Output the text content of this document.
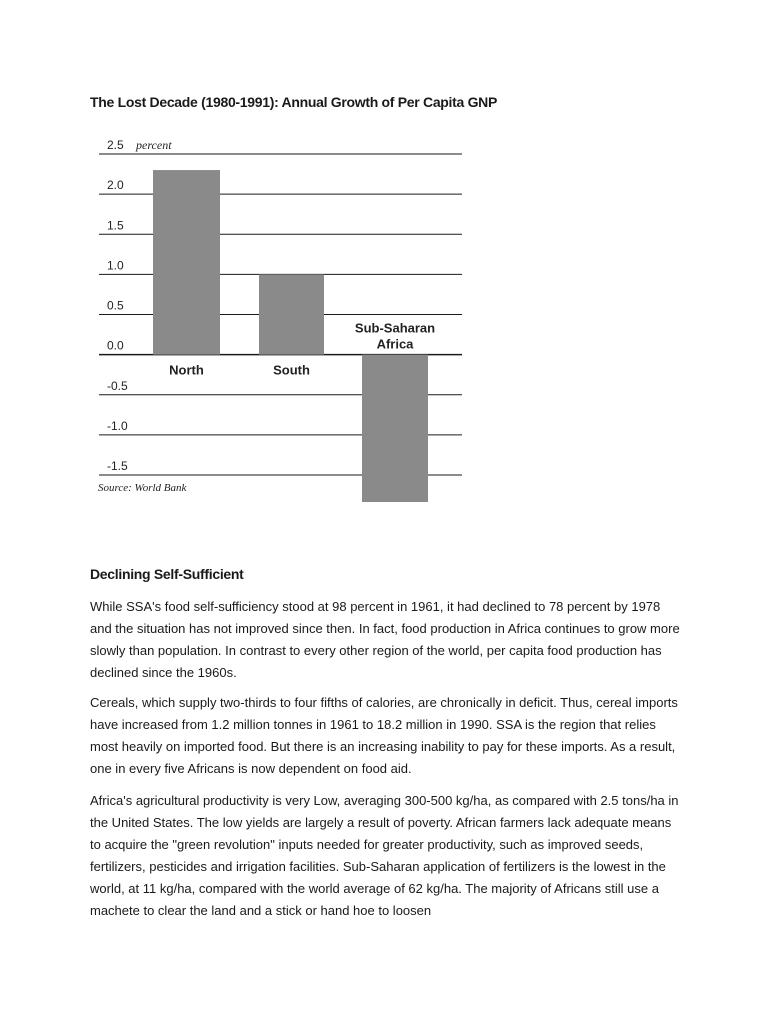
The Lost Decade (1980-1991): Annual Growth of Per Capita GNP
2.5
2.0
1.5
1.0
0.5
0.0
-0.5
-1.0
-1.5
North	South
Sub-Saharan Africa
percent
Source: World Bank
Declining Self-Sufficient

While SSA's food self-sufficiency stood at 98 percent in 1961, it had declined to 78 percent by 1978 and the situation has not improved since then. In fact, food production in Africa continues to grow more slowly than population. In contrast to every other region of the world, per capita food production has declined since the 1960s.

Cereals, which supply two-thirds to four fifths of calories, are chronically in deficit. Thus, cereal imports have increased from 1.2 million tonnes in 1961 to 18.2 million in 1990. SSA is the region that relies most heavily on imported food. But there is an increasing inability to pay for these imports. As a result, one in every five Africans is now dependent on food aid.

Africa's agricultural productivity is very Low, averaging 300-500 kg/ha, as compared with 2.5 tons/ha in the United States. The low yields are largely a result of poverty. African farmers lack adequate means to acquire the "green revolution" inputs needed for greater productivity, such as improved seeds, fertilizers, pesticides and irrigation facilities. Sub-Saharan application of fertilizers is the lowest in the world, at 11 kg/ha, compared with the world average of 62 kg/ha. The majority of Africans still use a machete to clear the land and a stick or hand hoe to loosen
